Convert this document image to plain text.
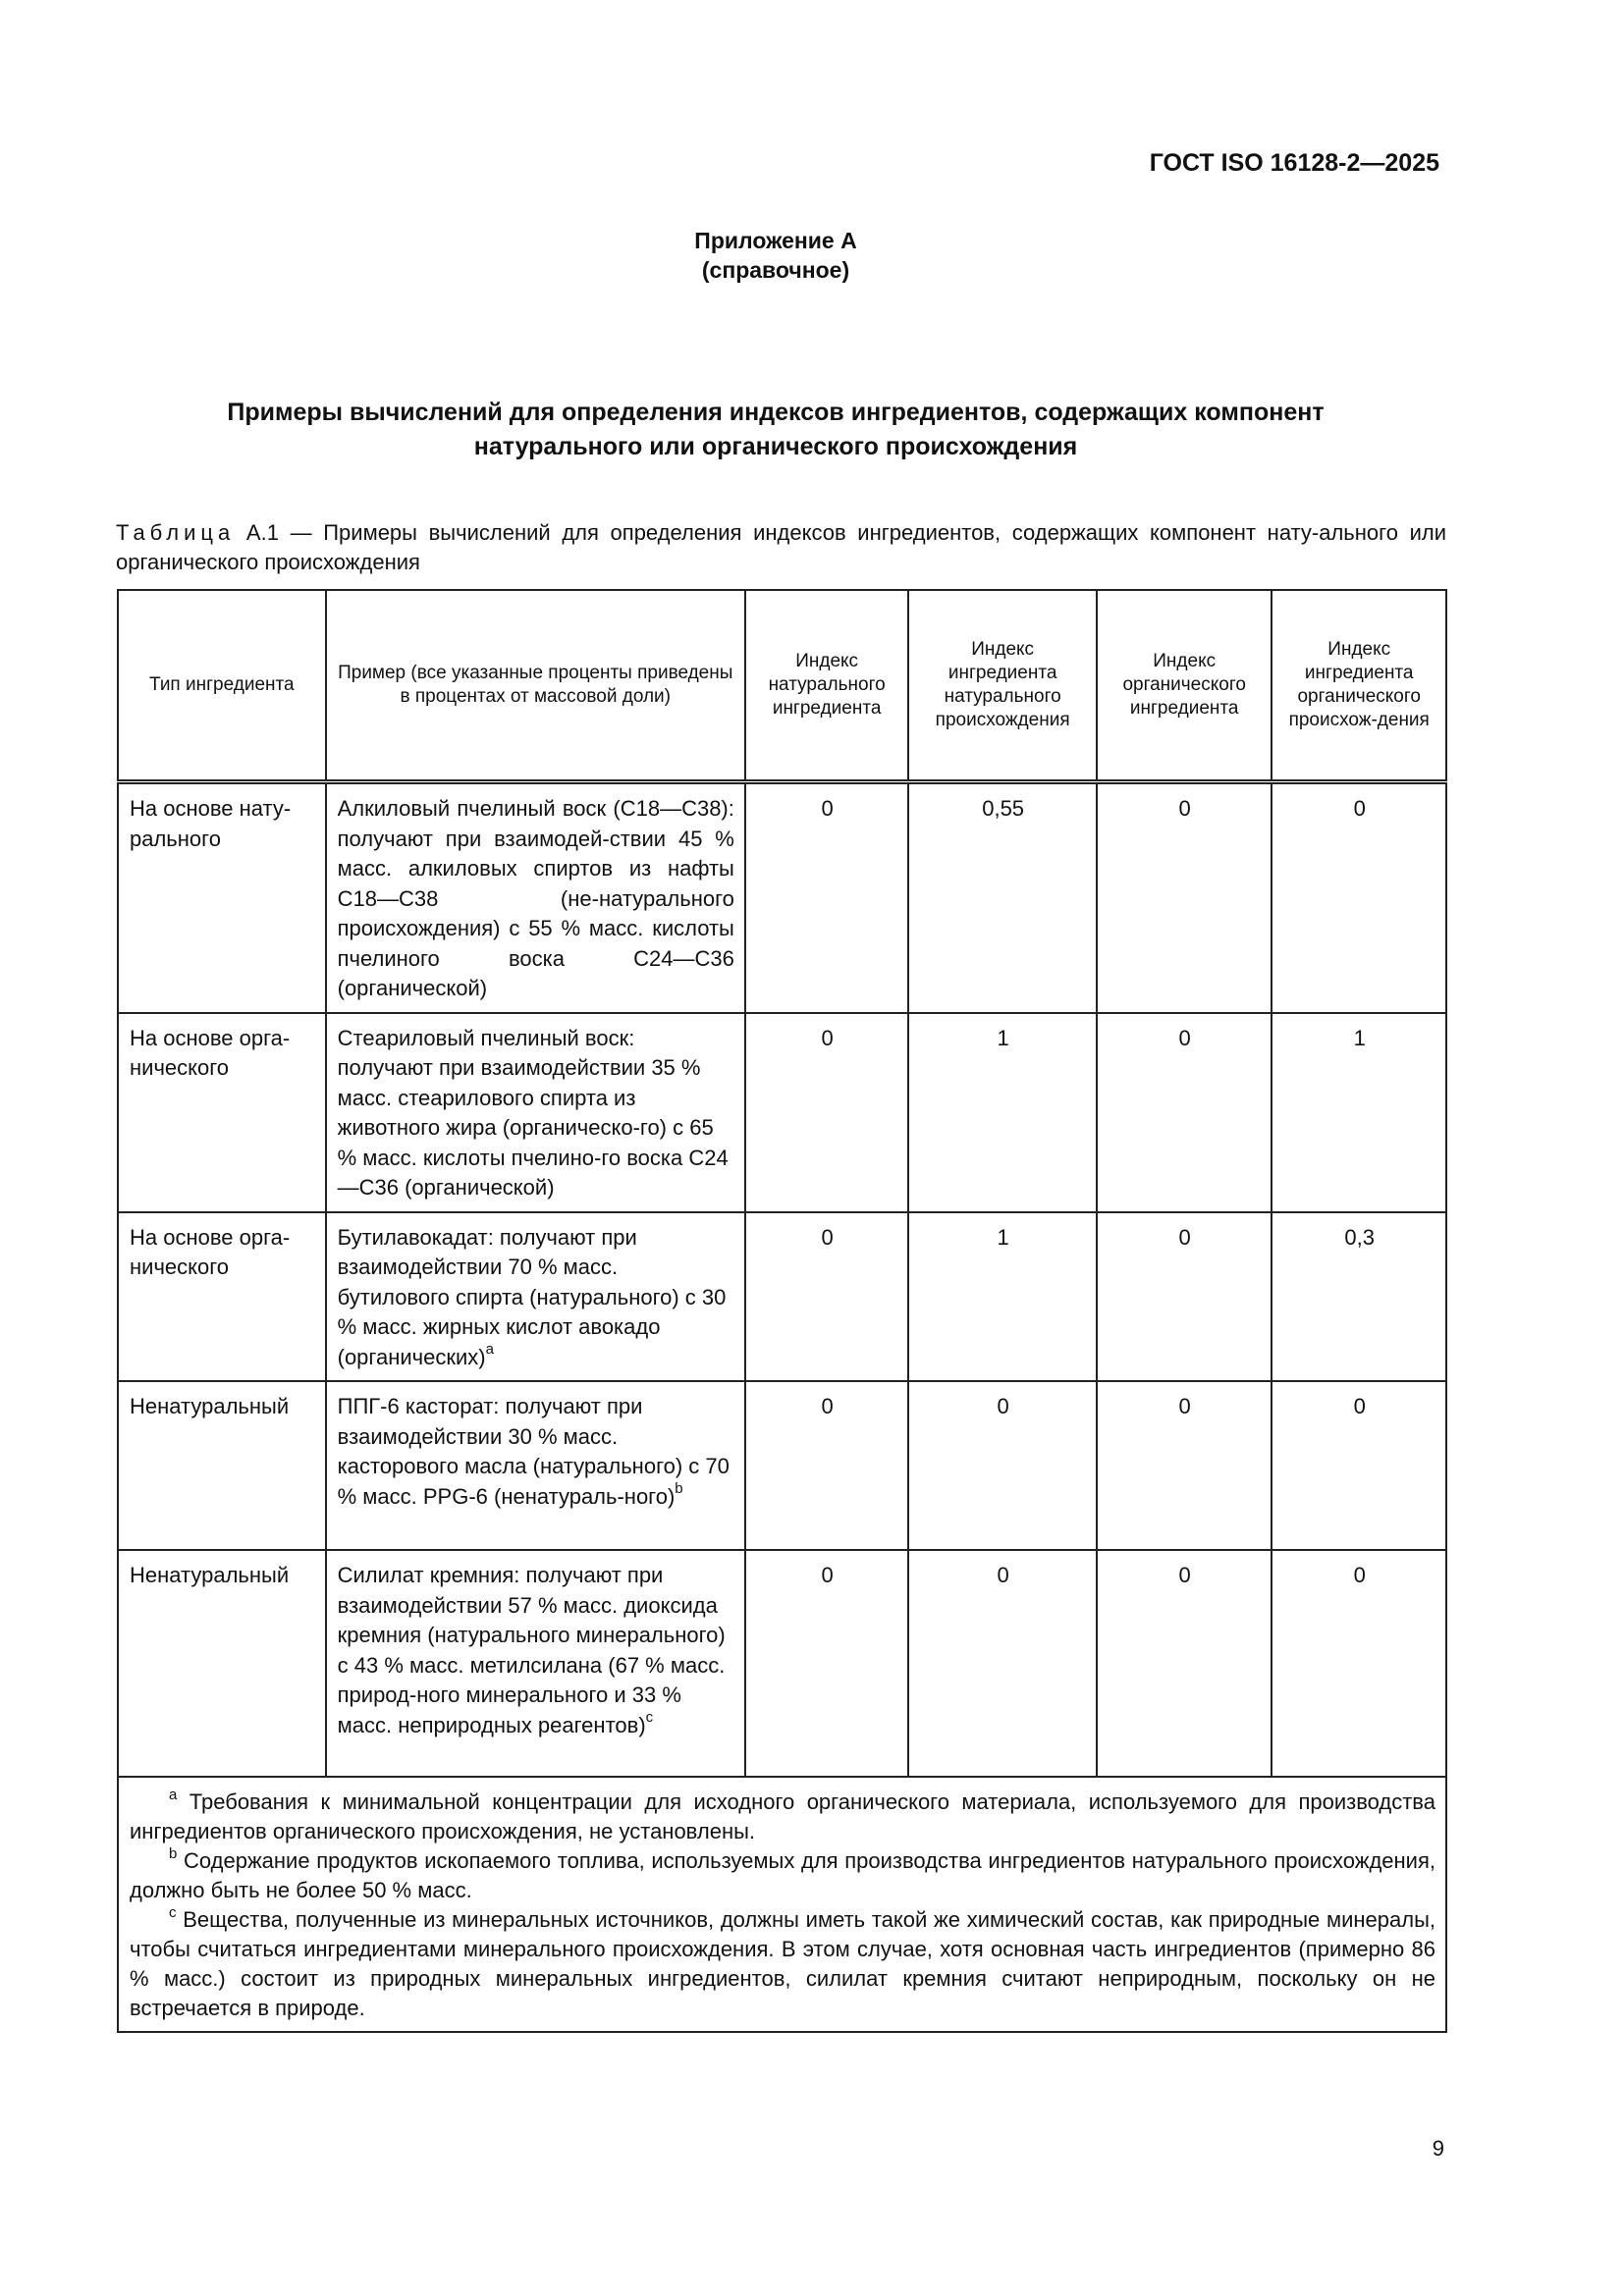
ГОСТ ISO 16128-2—2025
Приложение А
(справочное)
Примеры вычислений для определения индексов ингредиентов, содержащих компонент
натурального или органического происхождения
Таблица А.1 — Примеры вычислений для определения индексов ингредиентов, содержащих компонент нату-ального или органического происхождения
Тип ингредиента	Пример (все указанные проценты приведены в процентах от массовой доли)	Индекс натурального ингредиента	Индекс ингредиента натурального происхождения	Индекс органического ингредиента	Индекс ингредиента органического происхож-дения
На основе нату-рального	Алкиловый пчелиный воск (С18—С38): получают при взаимодей-ствии 45 % масс. алкиловых спиртов из нафты С18—С38 (не-натурального происхождения) с 55 % масс. кислоты пчелиного воска С24—С36 (органической)	0	0,55	0	0
На основе орга-нического	Стеариловый пчелиный воск: получают при взаимодействии 35 % масс. стеарилового спирта из животного жира (органическо-го) с 65 % масс. кислоты пчелино-го воска С24—С36 (органической)	0	1	0	1
На основе орга-нического	Бутилавокадат: получают при взаимодействии 70 % масс. бутилового спирта (натурального) с 30 % масс. жирных кислот авокадо (органических)$^a$	0	1	0	0,3
Ненатуральный	ППГ-6 касторат: получают при взаимодействии 30 % масс. касторового масла (натурального) с 70 % масс. PPG-6 (ненатураль-ного)$^b$	0	0	0	0
Ненатуральный	Силилат кремния: получают при взаимодействии 57 % масс. диоксида кремния (натурального минерального) с 43 % масс. метилсилана (67 % масс. природ-ного минерального и 33 % масс. неприродных реагентов)$^c$	0	0	0	0

$^a$ Требования к минимальной концентрации для исходного органического материала, используемого для производства ингредиентов органического происхождения, не установлены.
$^b$ Содержание продуктов ископаемого топлива, используемых для производства ингредиентов натурального происхождения, должно быть не более 50 % масс.
$^c$ Вещества, полученные из минеральных источников, должны иметь такой же химический состав, как природные минералы, чтобы считаться ингредиентами минерального происхождения. В этом случае, хотя основная часть ингредиентов (примерно 86 % масс.) состоит из природных минеральных ингредиентов, силилат кремния считают неприродным, поскольку он не встречается в природе.					
9
